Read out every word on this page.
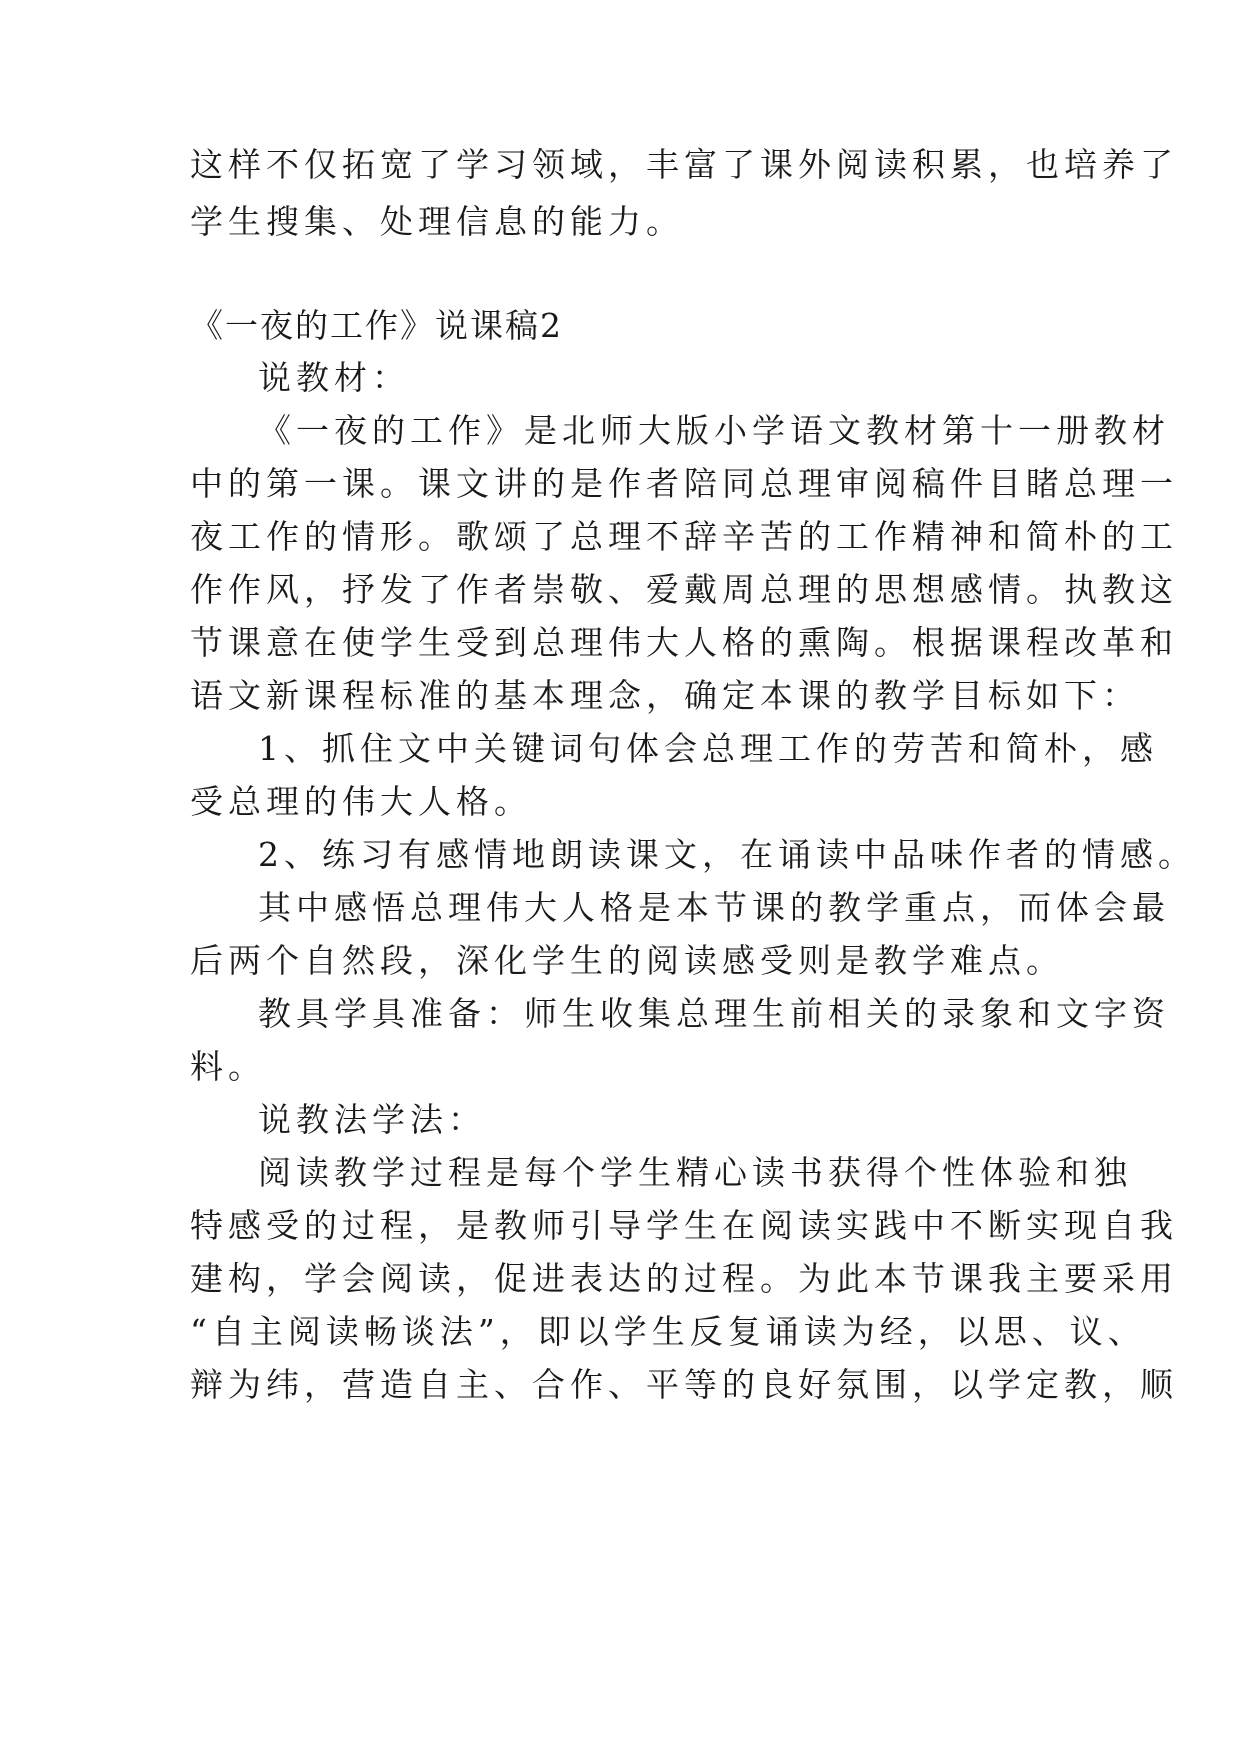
这样不仅拓宽了学习领域，丰富了课外阅读积累，也培养了
学生搜集、处理信息的能力。
《一夜的工作》说课稿2
说教材：
《一夜的工作》是北师大版小学语文教材第十一册教材
中的第一课。课文讲的是作者陪同总理审阅稿件目睹总理一
夜工作的情形。歌颂了总理不辞辛苦的工作精神和简朴的工
作作风，抒发了作者崇敬、爱戴周总理的思想感情。执教这
节课意在使学生受到总理伟大人格的熏陶。根据课程改革和
语文新课程标准的基本理念，确定本课的教学目标如下：
1、抓住文中关键词句体会总理工作的劳苦和简朴，感
受总理的伟大人格。
2、练习有感情地朗读课文，在诵读中品味作者的情感。
其中感悟总理伟大人格是本节课的教学重点，而体会最
后两个自然段，深化学生的阅读感受则是教学难点。
教具学具准备：师生收集总理生前相关的录象和文字资
料。
说教法学法：
阅读教学过程是每个学生精心读书获得个性体验和独
特感受的过程，是教师引导学生在阅读实践中不断实现自我
建构，学会阅读，促进表达的过程。为此本节课我主要采用
“自主阅读畅谈法”，即以学生反复诵读为经，以思、议、
辩为纬，营造自主、合作、平等的良好氛围，以学定教，顺
